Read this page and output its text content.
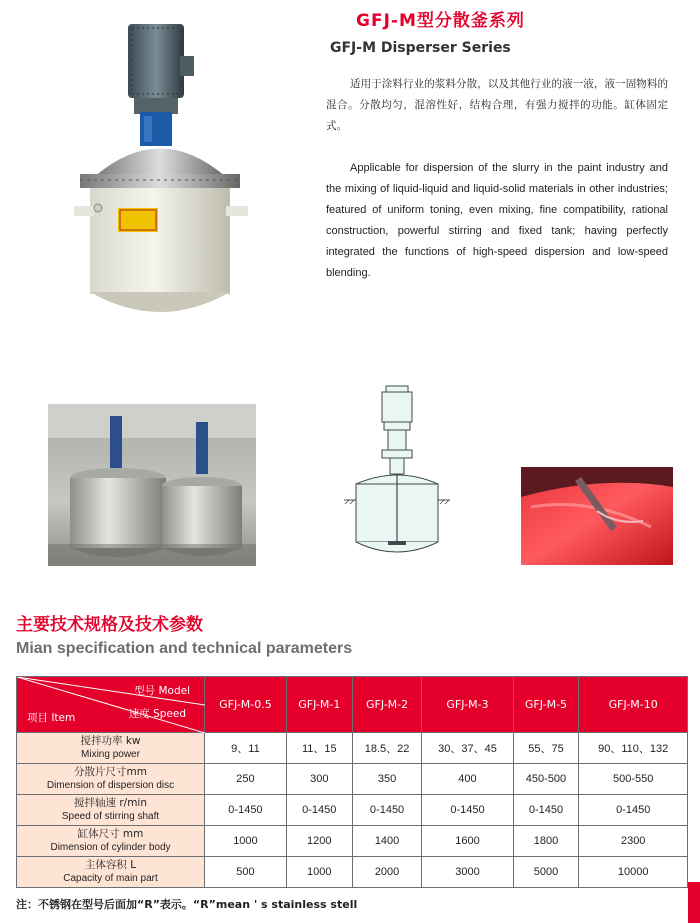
GFJ-M型分散釜系列
GFJ-M Disperser Series
适用于涂料行业的浆料分散，以及其他行业的液一液，液一固物料的混合。分散均匀，混溶性好，结构合理，有强力搅拌的功能。缸体固定式。
Applicable for dispersion of the slurry in the paint industry and the mixing of liquid-liquid and liquid-solid materials in other industries; featured of uniform toning, even mixing, fine compatibility, rational construction, powerful stirring and fixed tank; having perfectly integrated the functions of high-speed dispersion and low-speed blending.
主要技术规格及技术参数
Mian specification and technical parameters
型号 Model
速度 Speed
项目 Item	GFJ-M-0.5	GFJ-M-1	GFJ-M-2	GFJ-M-3	GFJ-M-5	GFJ-M-10

搅拌功率 kw
Mixing power	9、11	11、15	18.5、22	30、37、45	55、75	90、110、132

分散片尺寸mm
Dimension of dispersion disc	250	300	350	400	450-500	500-550

搅拌轴速 r/min
Speed of stirring shaft	0-1450	0-1450	0-1450	0-1450	0-1450	0-1450

缸体尺寸 mm
Dimension of cylinder body	1000	1200	1400	1600	1800	2300

主体容积 L
Capacity of main part	500	1000	2000	3000	5000	10000
注：不锈钢在型号后面加“R”表示。“R”mean ' s stainless stell
